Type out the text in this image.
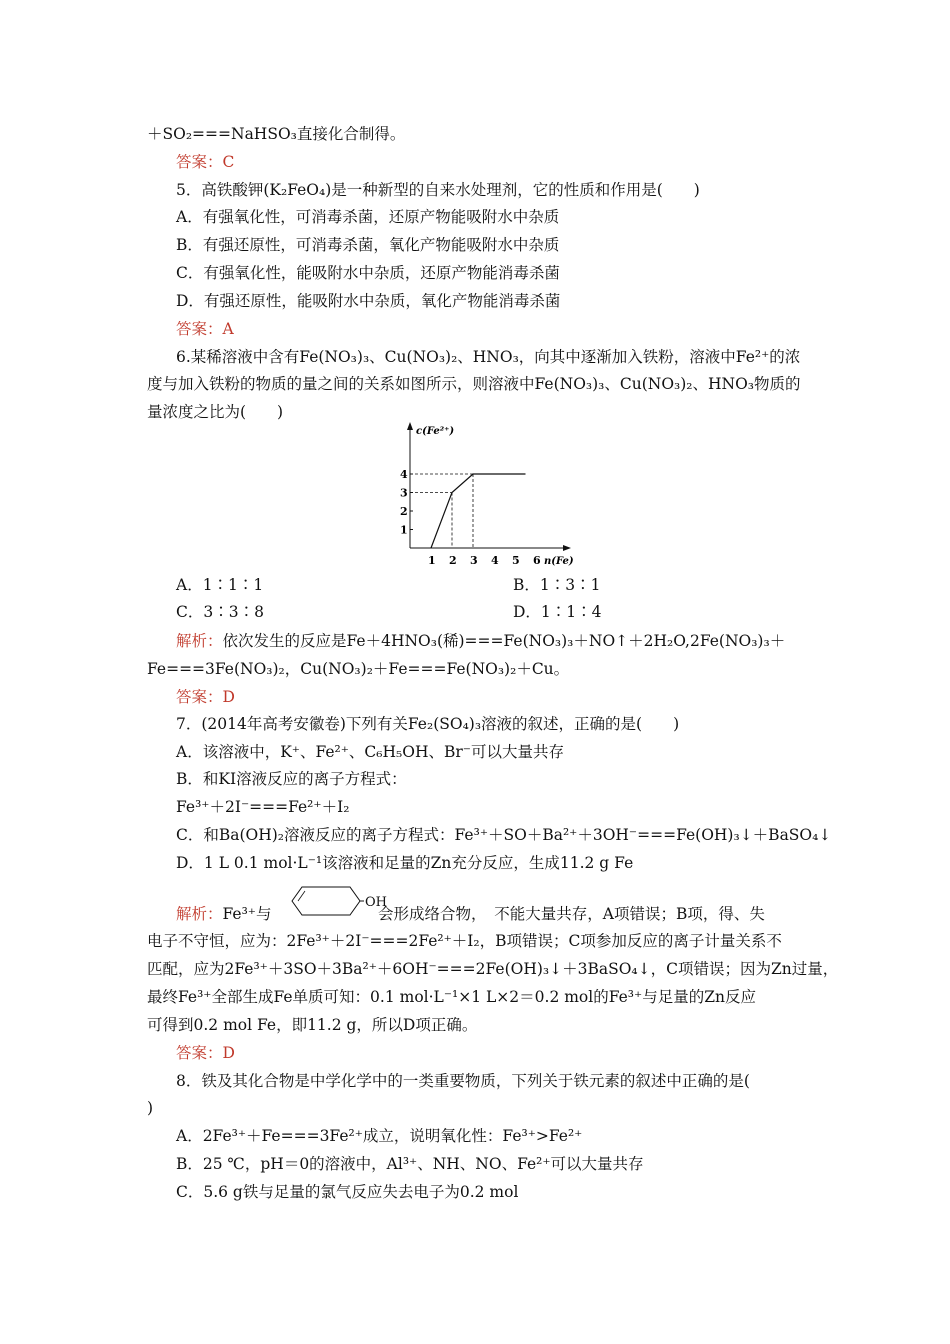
＋SO₂===NaHSO₃直接化合制得。
答案：C
5．高铁酸钾(K₂FeO₄)是一种新型的自来水处理剂，它的性质和作用是(　　)
A．有强氧化性，可消毒杀菌，还原产物能吸附水中杂质
B．有强还原性，可消毒杀菌，氧化产物能吸附水中杂质
C．有强氧化性，能吸附水中杂质，还原产物能消毒杀菌
D．有强还原性，能吸附水中杂质，氧化产物能消毒杀菌
答案：A
6.某稀溶液中含有Fe(NO₃)₃、Cu(NO₃)₂、HNO₃，向其中逐渐加入铁粉，溶液中Fe²⁺的浓
度与加入铁粉的物质的量之间的关系如图所示，则溶液中Fe(NO₃)₃、Cu(NO₃)₂、HNO₃物质的
量浓度之比为(　　)
c(Fe²⁺)
n(Fe)
1 2 3 4 5 6
1
2
3
4
A．1∶1∶1	B．1∶3∶1
C．3∶3∶8	D．1∶1∶4
解析：依次发生的反应是Fe＋4HNO₃(稀)===Fe(NO₃)₃＋NO↑＋2H₂O,2Fe(NO₃)₃＋
Fe===3Fe(NO₃)₂，Cu(NO₃)₂＋Fe===Fe(NO₃)₂＋Cu。
答案：D
7．(2014年高考安徽卷)下列有关Fe₂(SO₄)₃溶液的叙述，正确的是(　　)
A．该溶液中，K⁺、Fe²⁺、C₆H₅OH、Br⁻可以大量共存
B．和KI溶液反应的离子方程式：
Fe³⁺＋2I⁻===Fe²⁺＋I₂
C．和Ba(OH)₂溶液反应的离子方程式：Fe³⁺＋SO＋Ba²⁺＋3OH⁻===Fe(OH)₃↓＋BaSO₄↓
D．1 L 0.1 mol·L⁻¹该溶液和足量的Zn充分反应，生成11.2 g Fe
解析：Fe³⁺与
OH
会形成络合物，　不能大量共存，A项错误；B项，得、失
电子不守恒，应为：2Fe³⁺＋2I⁻===2Fe²⁺＋I₂，B项错误；C项参加反应的离子计量关系不
匹配，应为2Fe³⁺＋3SO＋3Ba²⁺＋6OH⁻===2Fe(OH)₃↓＋3BaSO₄↓，C项错误；因为Zn过量，
最终Fe³⁺全部生成Fe单质可知：0.1 mol·L⁻¹×1 L×2＝0.2 mol的Fe³⁺与足量的Zn反应
可得到0.2 mol Fe，即11.2 g，所以D项正确。
答案：D
8．铁及其化合物是中学化学中的一类重要物质，下列关于铁元素的叙述中正确的是(
)
A．2Fe³⁺＋Fe===3Fe²⁺成立，说明氧化性：Fe³⁺>Fe²⁺
B．25 ℃，pH＝0的溶液中，Al³⁺、NH、NO、Fe²⁺可以大量共存
C．5.6 g铁与足量的氯气反应失去电子为0.2 mol
